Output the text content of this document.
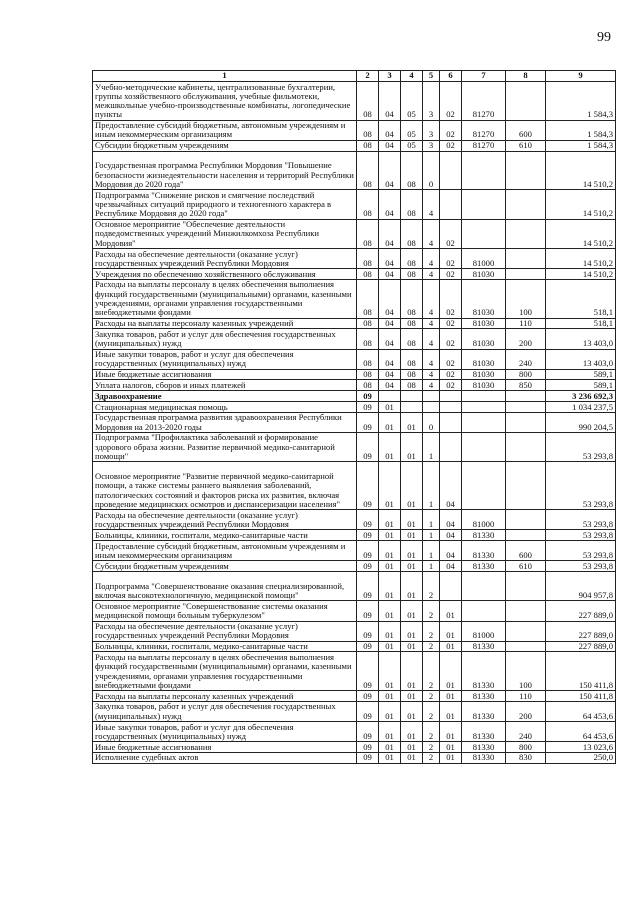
99
1	2	3	4	5	6	7	8	9
Учебно-методические кабинеты, централизованные бухгалтерии, группы хозяйственного обслуживания, учебные фильмотеки, межшкольные учебно-производственные комбинаты, логопедические пункты	08	04	05	3	02	81270		1 584,3
Предоставление субсидий бюджетным, автономным учреждениям и иным некоммерческим организациям	08	04	05	3	02	81270	600	1 584,3
Субсидии бюджетным учреждениям	08	04	05	3	02	81270	610	1 584,3
Государственная программа Республики Мордовия "Повышение безопасности жизнедеятельности населения и территорий Республики Мордовия до 2020 года"	08	04	08	0				14 510,2
Подпрограмма "Снижение рисков и смягчение последствий чрезвычайных ситуаций природного и техногенного характера в Республике Мордовия до 2020 года"	08	04	08	4				14 510,2
Основное мероприятие "Обеспечение деятельности подведомственных учреждений Минжилкомхоза Республики Мордовия"	08	04	08	4	02			14 510,2
Расходы на обеспечение деятельности (оказание услуг) государственных учреждений Республики Мордовия	08	04	08	4	02	81000		14 510,2
Учреждения по обеспечению хозяйственного обслуживания	08	04	08	4	02	81030		14 510,2
Расходы на выплаты персоналу в целях обеспечения выполнения функций государственными (муниципальными) органами, казенными учреждениями, органами управления государственными внебюджетными фондами	08	04	08	4	02	81030	100	518,1
Расходы на выплаты персоналу казенных учреждений	08	04	08	4	02	81030	110	518,1
Закупка товаров, работ и услуг для обеспечения государственных (муниципальных) нужд	08	04	08	4	02	81030	200	13 403,0
Иные закупки товаров, работ и услуг для обеспечения государственных (муниципальных) нужд	08	04	08	4	02	81030	240	13 403,0
Иные бюджетные ассигнования	08	04	08	4	02	81030	800	589,1
Уплата налогов, сборов и иных платежей	08	04	08	4	02	81030	850	589,1
Здравоохранение	09							3 236 692,3
Стационарная медицинская помощь	09	01						1 034 237,5
Государственная программа развития здравоохранения Республики Мордовия на 2013-2020 годы	09	01	01	0				990 204,5
Подпрограмма "Профилактика заболеваний и формирование здорового образа жизни. Развитие первичной медико-санитарной помощи"	09	01	01	1				53 293,8
Основное мероприятие "Развитие первичной медико-санитарной помощи, а также системы раннего выявления заболеваний, патологических состояний и факторов риска их развития, включая проведение медицинских осмотров и диспансеризации населения"	09	01	01	1	04			53 293,8
Расходы на обеспечение деятельности (оказание услуг) государственных учреждений Республики Мордовия	09	01	01	1	04	81000		53 293,8
Больницы, клиники, госпитали, медико-санитарные части	09	01	01	1	04	81330		53 293,8
Предоставление субсидий бюджетным, автономным учреждениям и иным некоммерческим организациям	09	01	01	1	04	81330	600	53 293,8
Субсидии бюджетным учреждениям	09	01	01	1	04	81330	610	53 293,8
Подпрограмма "Совершенствование оказания специализированной, включая высокотехнологичную, медицинской помощи"	09	01	01	2				904 957,8
Основное мероприятие "Совершенствование системы оказания медицинской помощи больным туберкулезом"	09	01	01	2	01			227 889,0
Расходы на обеспечение деятельности (оказание услуг) государственных учреждений Республики Мордовия	09	01	01	2	01	81000		227 889,0
Больницы, клиники, госпитали, медико-санитарные части	09	01	01	2	01	81330		227 889,0
Расходы на выплаты персоналу в целях обеспечения выполнения функций государственными (муниципальными) органами, казенными учреждениями, органами управления государственными внебюджетными фондами	09	01	01	2	01	81330	100	150 411,8
Расходы на выплаты персоналу казенных учреждений	09	01	01	2	01	81330	110	150 411,8
Закупка товаров, работ и услуг для обеспечения государственных (муниципальных) нужд	09	01	01	2	01	81330	200	64 453,6
Иные закупки товаров, работ и услуг для обеспечения государственных (муниципальных) нужд	09	01	01	2	01	81330	240	64 453,6
Иные бюджетные ассигнования	09	01	01	2	01	81330	800	13 023,6
Исполнение судебных актов	09	01	01	2	01	81330	830	250,0
